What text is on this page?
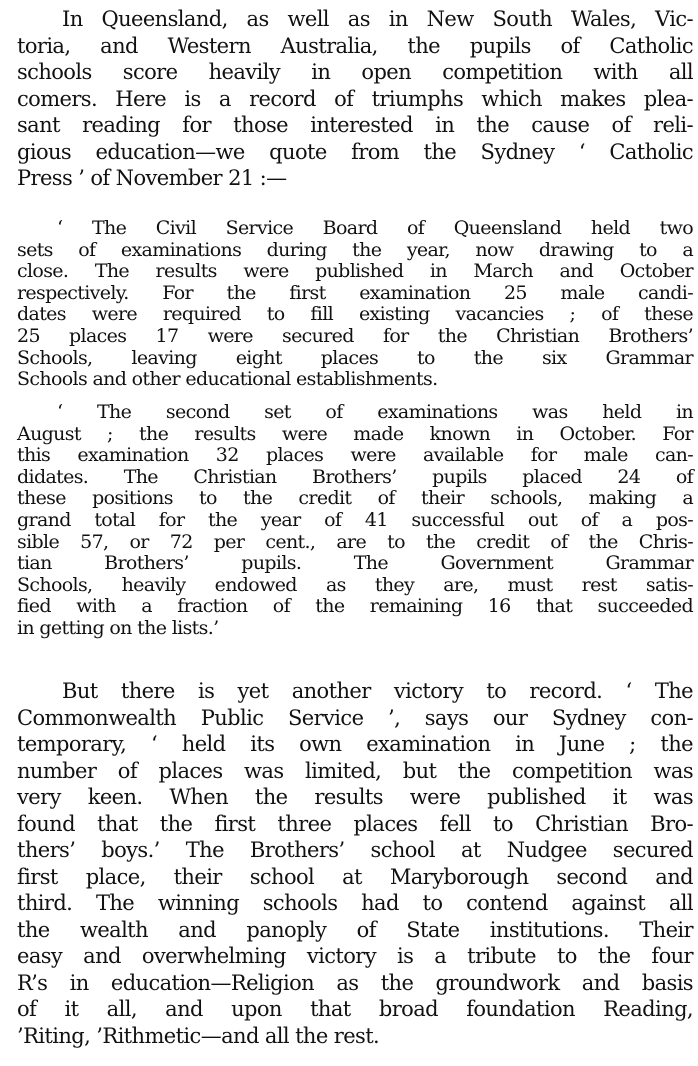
In Queensland, as well as in New South Wales, Vic-
toria, and Western Australia, the pupils of Catholic
schools score heavily in open competition with all
comers. Here is a record of triumphs which makes plea-
sant reading for those interested in the cause of reli-
gious education—we quote from the Sydney ‘ Catholic
Press ’ of November 21 :—
‘ The Civil Service Board of Queensland held two
sets of examinations during the year, now drawing to a
close. The results were published in March and October
respectively. For the first examination 25 male candi-
dates were required to fill existing vacancies ; of these
25 places 17 were secured for the Christian Brothers’
Schools, leaving eight places to the six Grammar
Schools and other educational establishments.
‘ The second set of examinations was held in
August ; the results were made known in October. For
this examination 32 places were available for male can-
didates. The Christian Brothers’ pupils placed 24 of
these positions to the credit of their schools, making a
grand total for the year of 41 successful out of a pos-
sible 57, or 72 per cent., are to the credit of the Chris-
tian Brothers’ pupils. The Government Grammar
Schools, heavily endowed as they are, must rest satis-
fied with a fraction of the remaining 16 that succeeded
in getting on the lists.’
But there is yet another victory to record. ‘ The
Commonwealth Public Service ’, says our Sydney con-
temporary, ‘ held its own examination in June ; the
number of places was limited, but the competition was
very keen. When the results were published it was
found that the first three places fell to Christian Bro-
thers’ boys.’ The Brothers’ school at Nudgee secured
first place, their school at Maryborough second and
third. The winning schools had to contend against all
the wealth and panoply of State institutions. Their
easy and overwhelming victory is a tribute to the four
R’s in education—Religion as the groundwork and basis
of it all, and upon that broad foundation Reading,
’Riting, ’Rithmetic—and all the rest.
